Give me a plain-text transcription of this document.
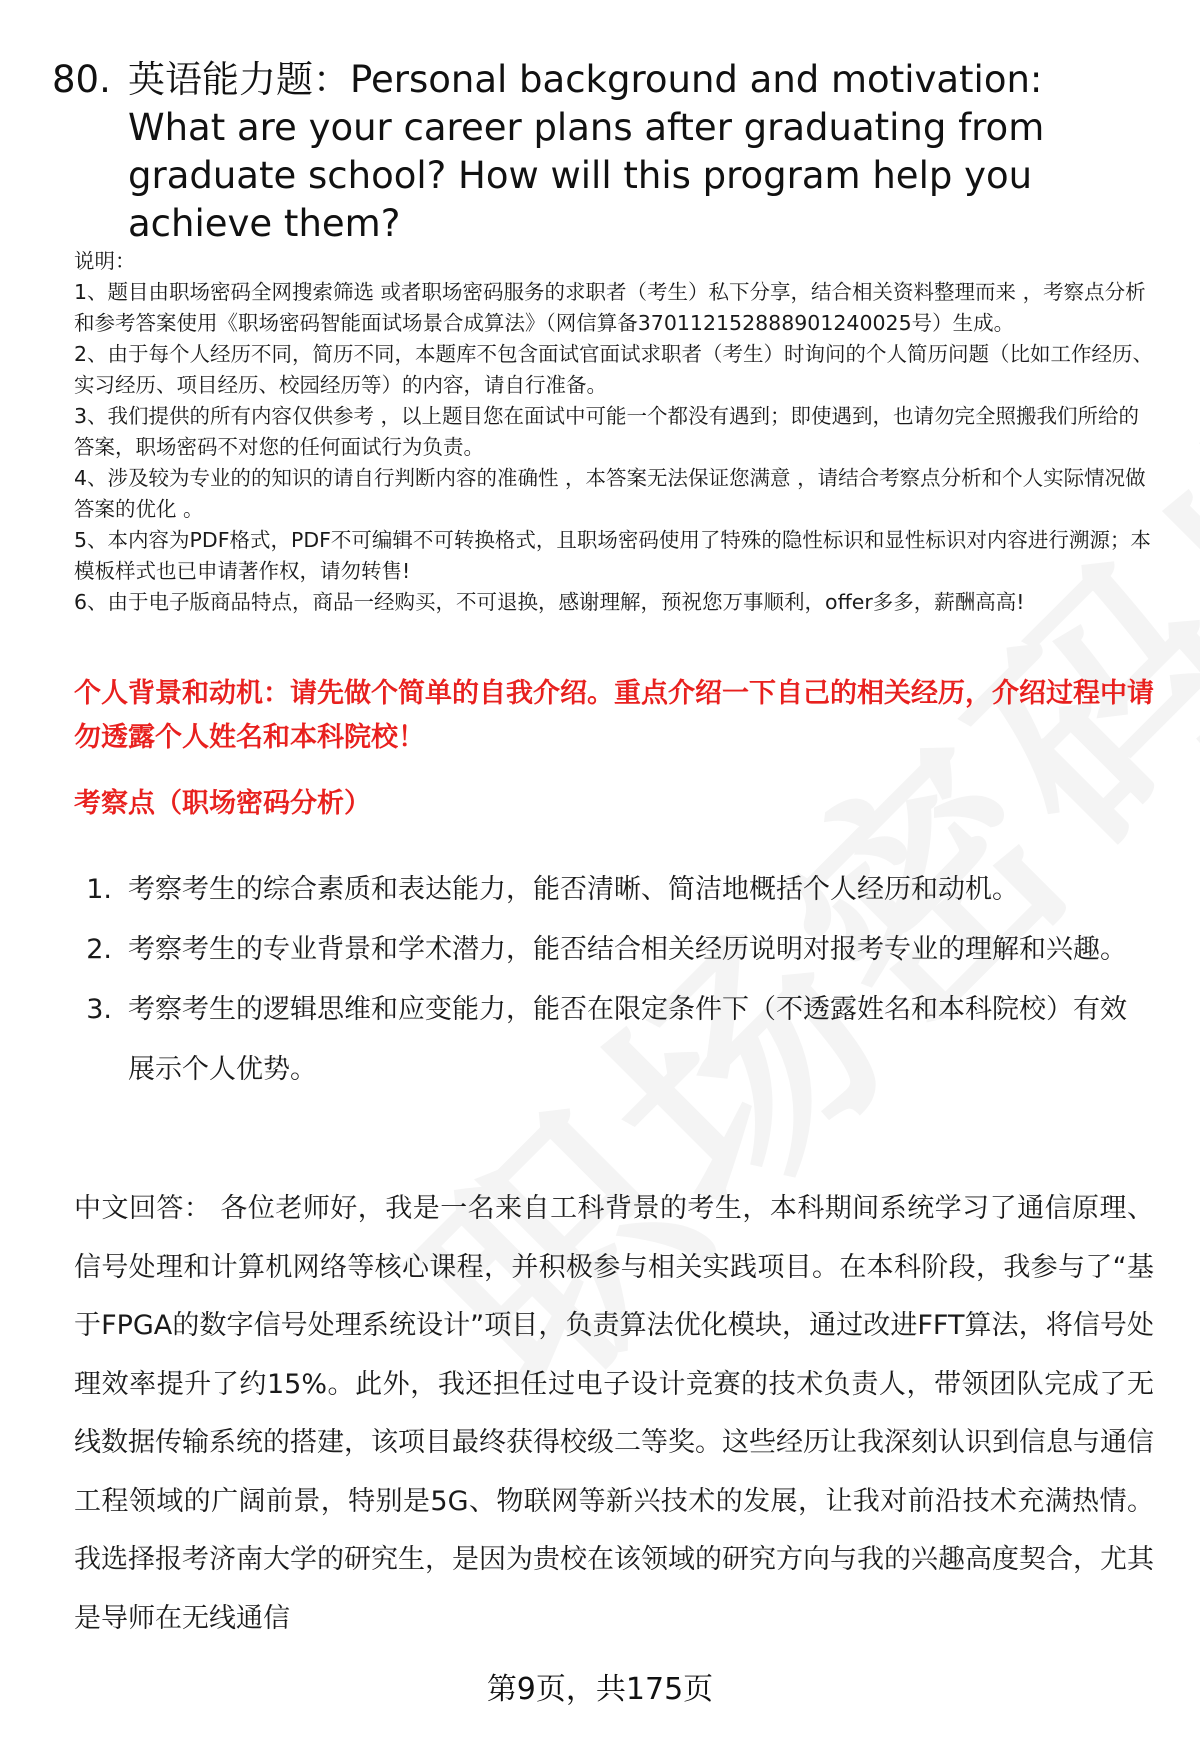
80. 英语能力题：Personal background and motivation: What are your career plans after graduating from graduate school? How will this program help you achieve them?

说明：

1、题目由职场密码全网搜索筛选 或者职场密码服务的求职者（考生）私下分享，结合相关资料整理而来 ，考察点分析和参考答案使用《职场密码智能面试场景合成算法》（网信算备370112152888901240025号）生成。

2、由于每个人经历不同，简历不同，本题库不包含面试官面试求职者（考生）时询问的个人简历问题（比如工作经历、实习经历、项目经历、校园经历等）的内容，请自行准备。

3、我们提供的所有内容仅供参考 ，以上题目您在面试中可能一个都没有遇到；即使遇到，也请勿完全照搬我们所给的答案，职场密码不对您的任何面试行为负责。

4、涉及较为专业的的知识的请自行判断内容的准确性 ，本答案无法保证您满意 ，请结合考察点分析和个人实际情况做答案的优化 。

5、本内容为PDF格式，PDF不可编辑不可转换格式，且职场密码使用了特殊的隐性标识和显性标识对内容进行溯源；本模板样式也已申请著作权，请勿转售!

6、由于电子版商品特点，商品一经购买，不可退换，感谢理解，预祝您万事顺利，offer多多，薪酬高高!

个人背景和动机：请先做个简单的自我介绍。重点介绍一下自己的相关经历，介绍过程中请勿透露个人姓名和本科院校！
考察点（职场密码分析）
1. 考察考生的综合素质和表达能力，能否清晰、简洁地概括个人经历和动机。
2. 考察考生的专业背景和学术潜力，能否结合相关经历说明对报考专业的理解和兴趣。
3. 考察考生的逻辑思维和应变能力，能否在限定条件下（不透露姓名和本科院校）有效展示个人优势。

中文回答： 各位老师好，我是一名来自工科背景的考生，本科期间系统学习了通信原理、信号处理和计算机网络等核心课程，并积极参与相关实践项目。在本科阶段，我参与了“基于FPGA的数字信号处理系统设计”项目，负责算法优化模块，通过改进FFT算法，将信号处理效率提升了约15%。此外，我还担任过电子设计竞赛的技术负责人，带领团队完成了无线数据传输系统的搭建，该项目最终获得校级二等奖。这些经历让我深刻认识到信息与通信工程领域的广阔前景，特别是5G、物联网等新兴技术的发展，让我对前沿技术充满热情。我选择报考济南大学的研究生，是因为贵校在该领域的研究方向与我的兴趣高度契合，尤其是导师在无线通信

第9页，共175页
